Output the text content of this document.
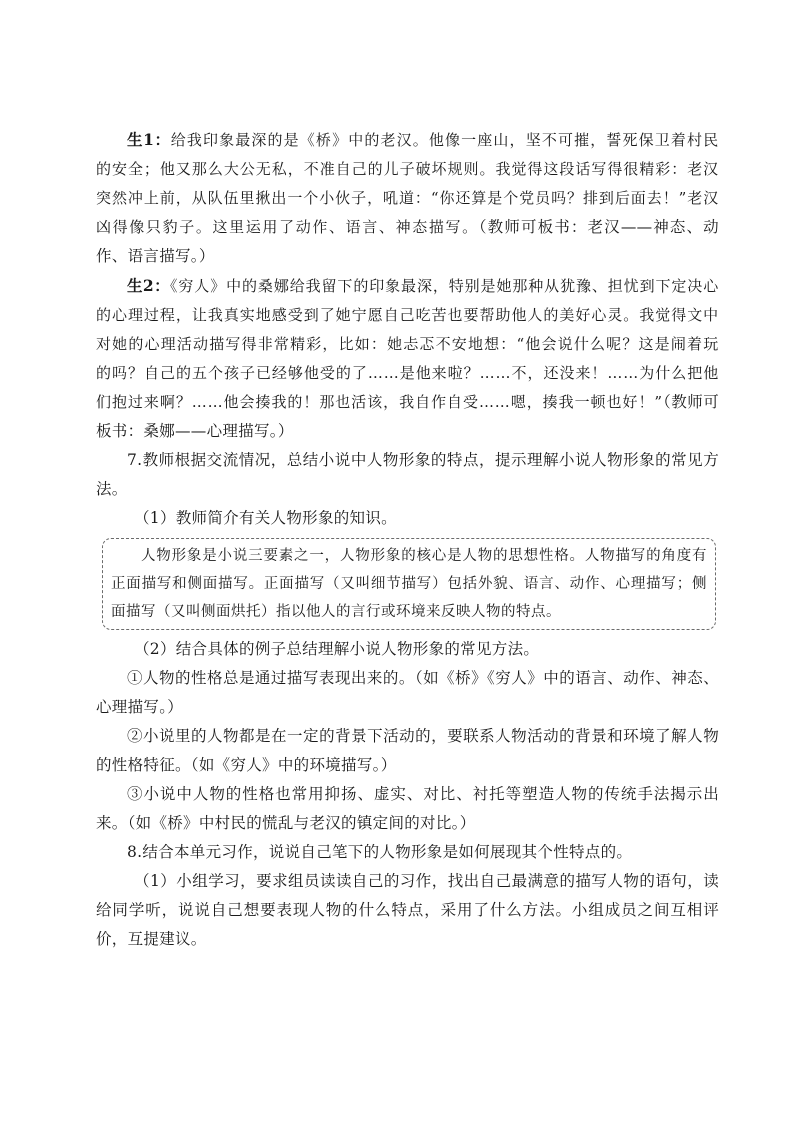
生1：给我印象最深的是《桥》中的老汉。他像一座山，坚不可摧，誓死保卫着村民的安全；他又那么大公无私，不准自己的儿子破坏规则。我觉得这段话写得很精彩：老汉突然冲上前，从队伍里揪出一个小伙子，吼道：“你还算是个党员吗？排到后面去！”老汉凶得像只豹子。这里运用了动作、语言、神态描写。（教师可板书：老汉——神态、动作、语言描写。）

生2：《穷人》中的桑娜给我留下的印象最深，特别是她那种从犹豫、担忧到下定决心的心理过程，让我真实地感受到了她宁愿自己吃苦也要帮助他人的美好心灵。我觉得文中对她的心理活动描写得非常精彩，比如：她忐忑不安地想：“他会说什么呢？这是闹着玩的吗？自己的五个孩子已经够他受的了……是他来啦？……不，还没来！……为什么把他们抱过来啊？……他会揍我的！那也活该，我自作自受……嗯，揍我一顿也好！”（教师可板书：桑娜——心理描写。）

7.教师根据交流情况，总结小说中人物形象的特点，提示理解小说人物形象的常见方法。

（1）教师简介有关人物形象的知识。

人物形象是小说三要素之一，人物形象的核心是人物的思想性格。人物描写的角度有正面描写和侧面描写。正面描写（又叫细节描写）包括外貌、语言、动作、心理描写；侧面描写（又叫侧面烘托）指以他人的言行或环境来反映人物的特点。

（2）结合具体的例子总结理解小说人物形象的常见方法。

①人物的性格总是通过描写表现出来的。（如《桥》《穷人》中的语言、动作、神态、心理描写。）

②小说里的人物都是在一定的背景下活动的，要联系人物活动的背景和环境了解人物的性格特征。（如《穷人》中的环境描写。）

③小说中人物的性格也常用抑扬、虚实、对比、衬托等塑造人物的传统手法揭示出来。（如《桥》中村民的慌乱与老汉的镇定间的对比。）

8.结合本单元习作，说说自己笔下的人物形象是如何展现其个性特点的。

（1）小组学习，要求组员读读自己的习作，找出自己最满意的描写人物的语句，读给同学听，说说自己想要表现人物的什么特点，采用了什么方法。小组成员之间互相评价，互提建议。
